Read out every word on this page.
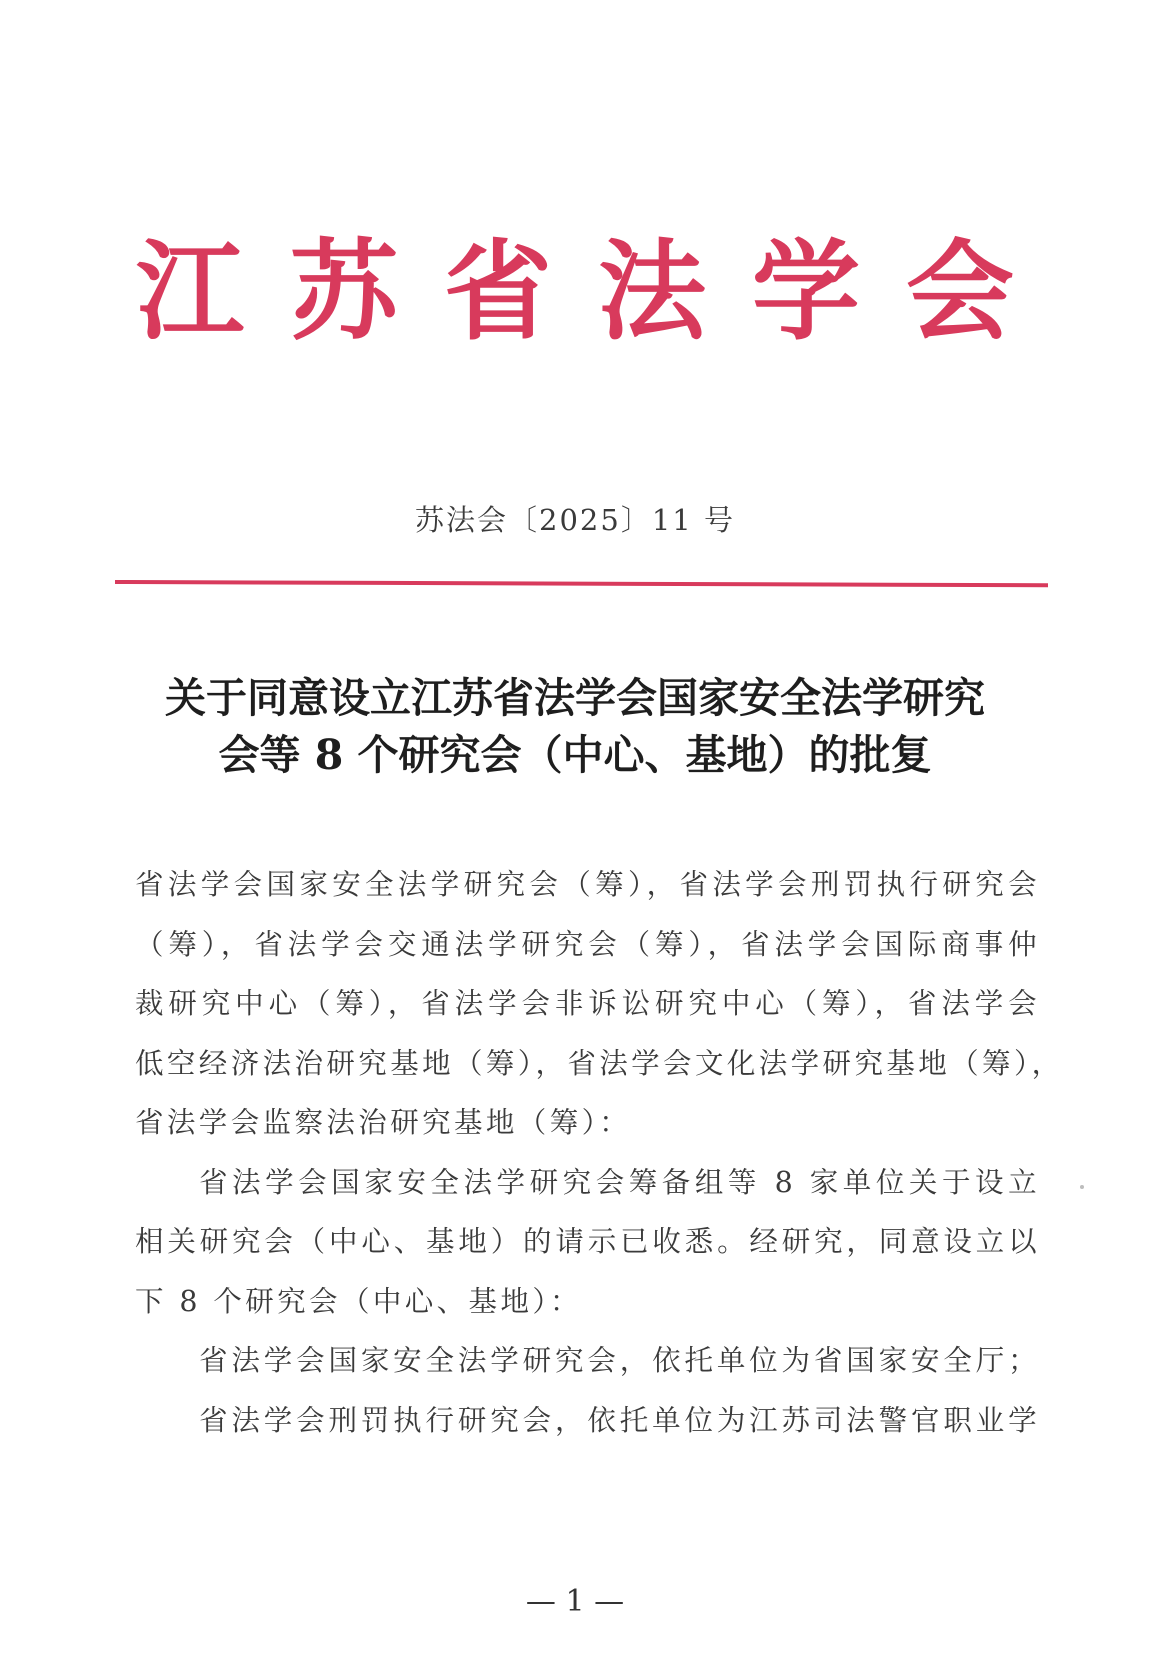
江 苏 省 法 学 会
苏法会〔2025〕11 号
关于同意设立江苏省法学会国家安全法学研究
会等 8 个研究会（中心、基地）的批复
省法学会国家安全法学研究会（筹），省法学会刑罚执行研究会
（筹），省法学会交通法学研究会（筹），省法学会国际商事仲
裁研究中心（筹），省法学会非诉讼研究中心（筹），省法学会
低空经济法治研究基地（筹），省法学会文化法学研究基地（筹），
省法学会监察法治研究基地（筹）：
省法学会国家安全法学研究会筹备组等 8 家单位关于设立
相关研究会（中心、基地）的请示已收悉。经研究，同意设立以
下 8 个研究会（中心、基地）：
省法学会国家安全法学研究会，依托单位为省国家安全厅；
省法学会刑罚执行研究会，依托单位为江苏司法警官职业学
— 1 —
